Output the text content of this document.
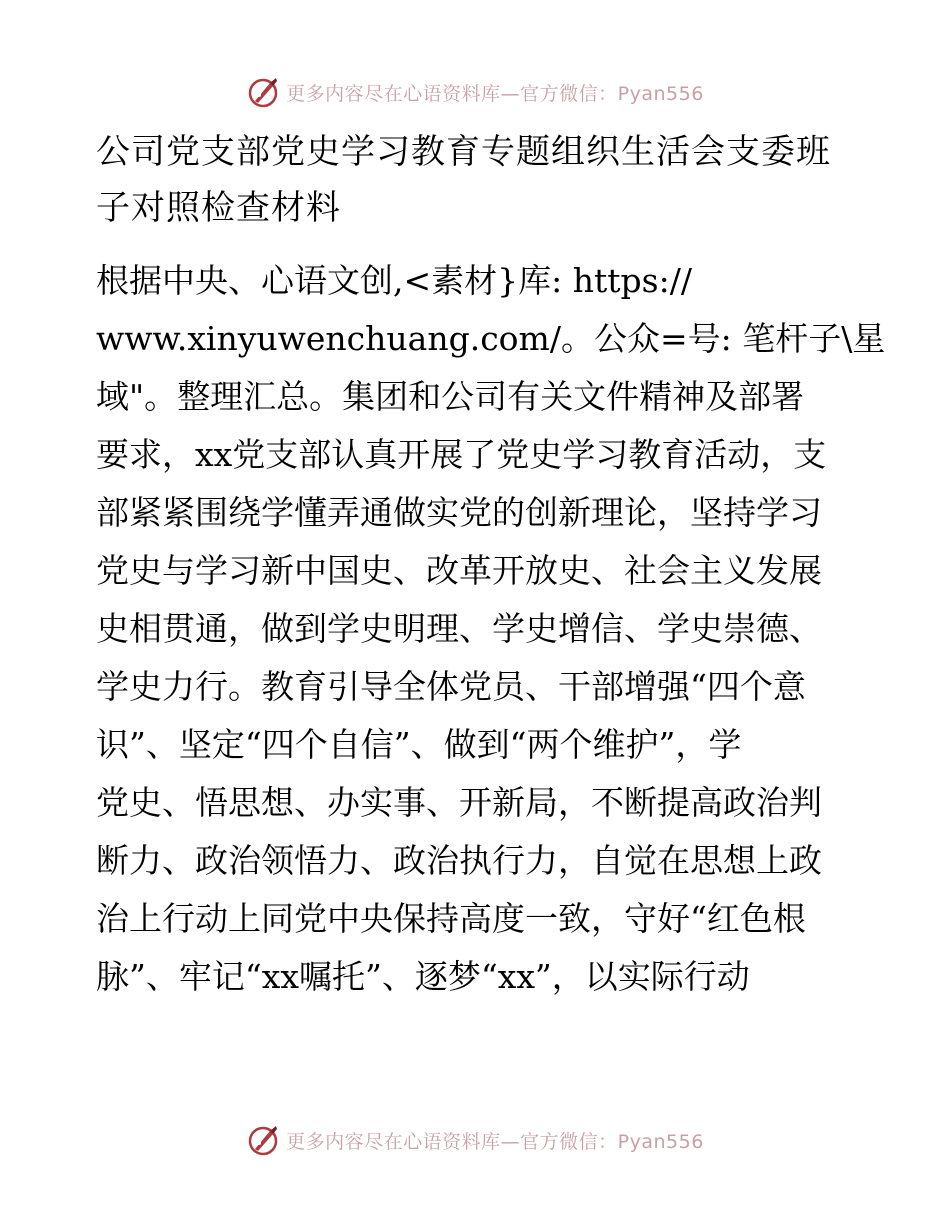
更多内容尽在心语资料库—官方微信：Pyan556
公司党支部党史学习教育专题组织生活会支委班
子对照检查材料
根据中央、心语文创,<素材}库: https://
www.xinyuwenchuang.com/。公众=号: 笔杆子\星
域"。整理汇总。集团和公司有关文件精神及部署
要求，xx党支部认真开展了党史学习教育活动，支
部紧紧围绕学懂弄通做实党的创新理论，坚持学习
党史与学习新中国史、改革开放史、社会主义发展
史相贯通，做到学史明理、学史增信、学史崇德、
学史力行。教育引导全体党员、干部增强“四个意
识”、坚定“四个自信”、做到“两个维护”，学
党史、悟思想、办实事、开新局，不断提高政治判
断力、政治领悟力、政治执行力，自觉在思想上政
治上行动上同党中央保持高度一致，守好“红色根
脉”、牢记“xx嘱托”、逐梦“xx”，以实际行动
更多内容尽在心语资料库—官方微信：Pyan556
